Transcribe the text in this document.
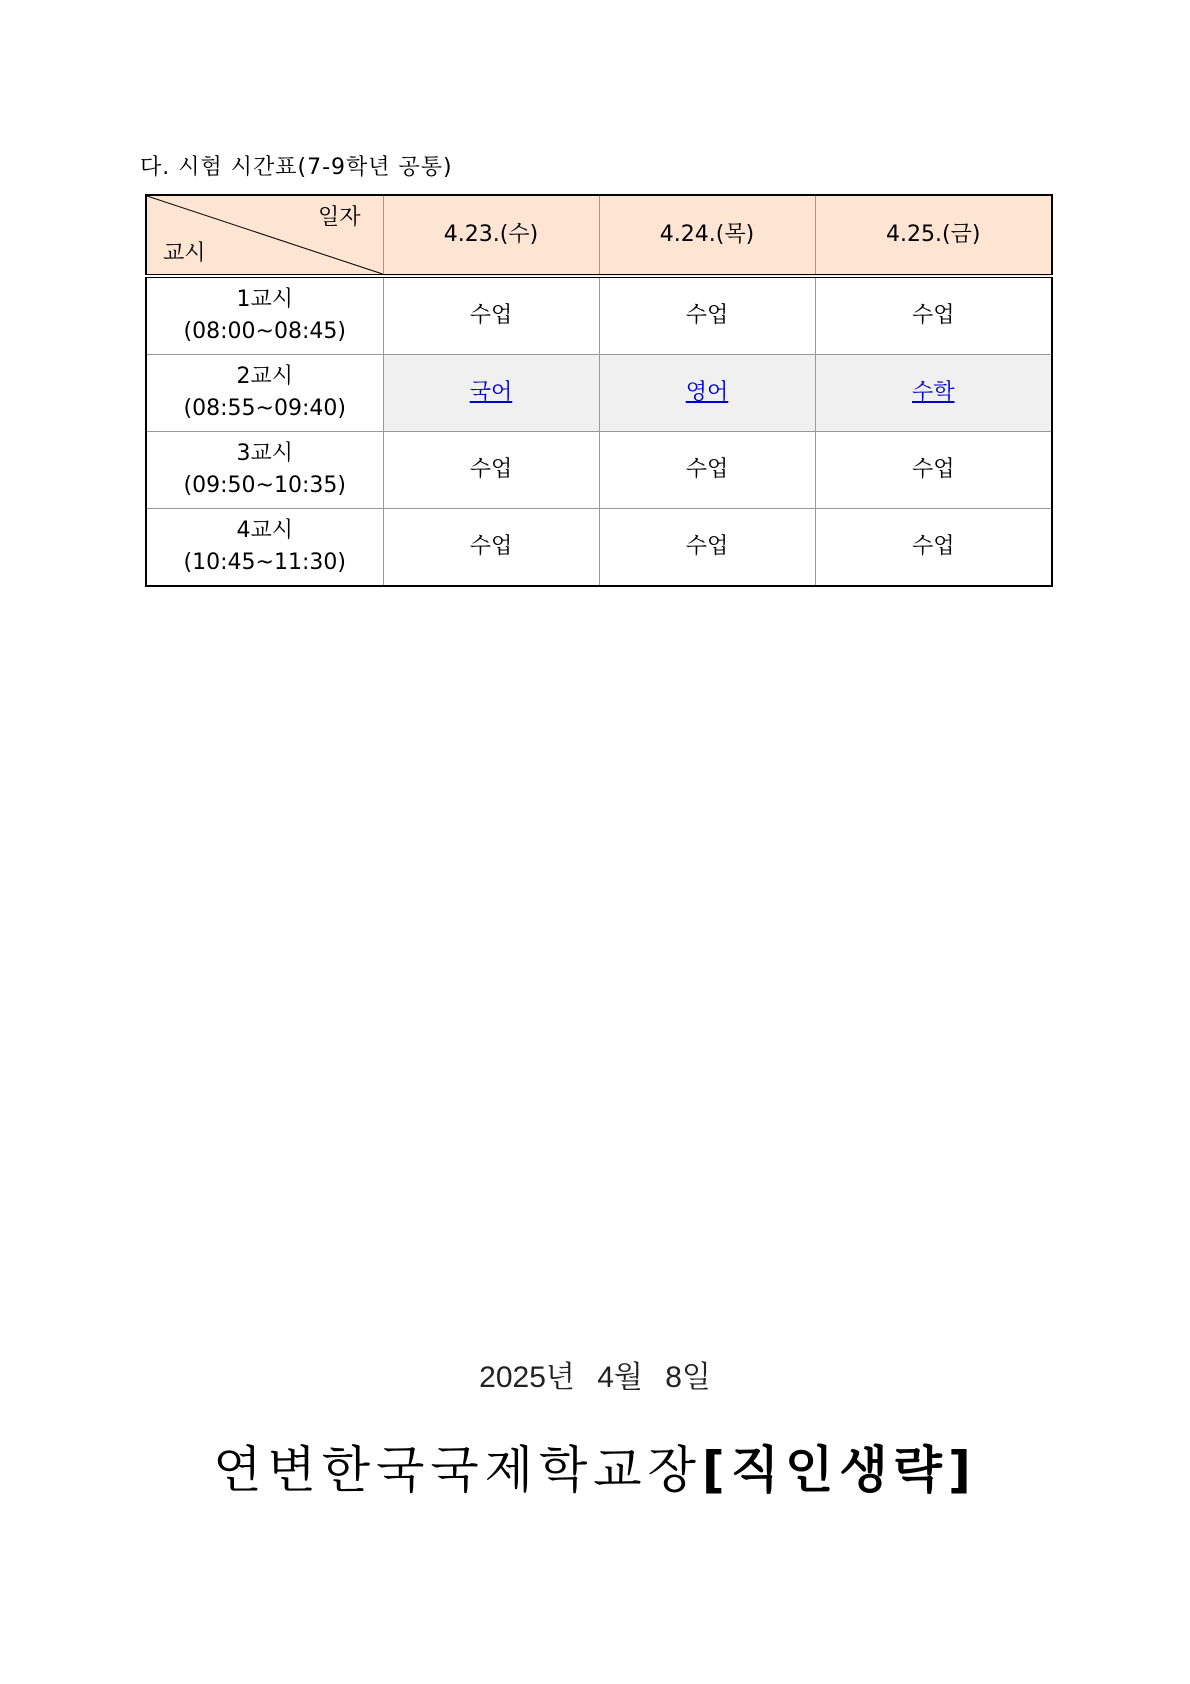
다. 시험 시간표(7-9학년 공통)
일자
교시	4.23.(수)	4.24.(목)	4.25.(금)

1교시
(08:00~08:45)	수업	수업	수업

2교시
(08:55~09:40)	국어	영어	수학

3교시
(09:50~10:35)	수업	수업	수업

4교시
(10:45~11:30)	수업	수업	수업
2025년 4월 8일
연변한국국제학교장[직인생략]
